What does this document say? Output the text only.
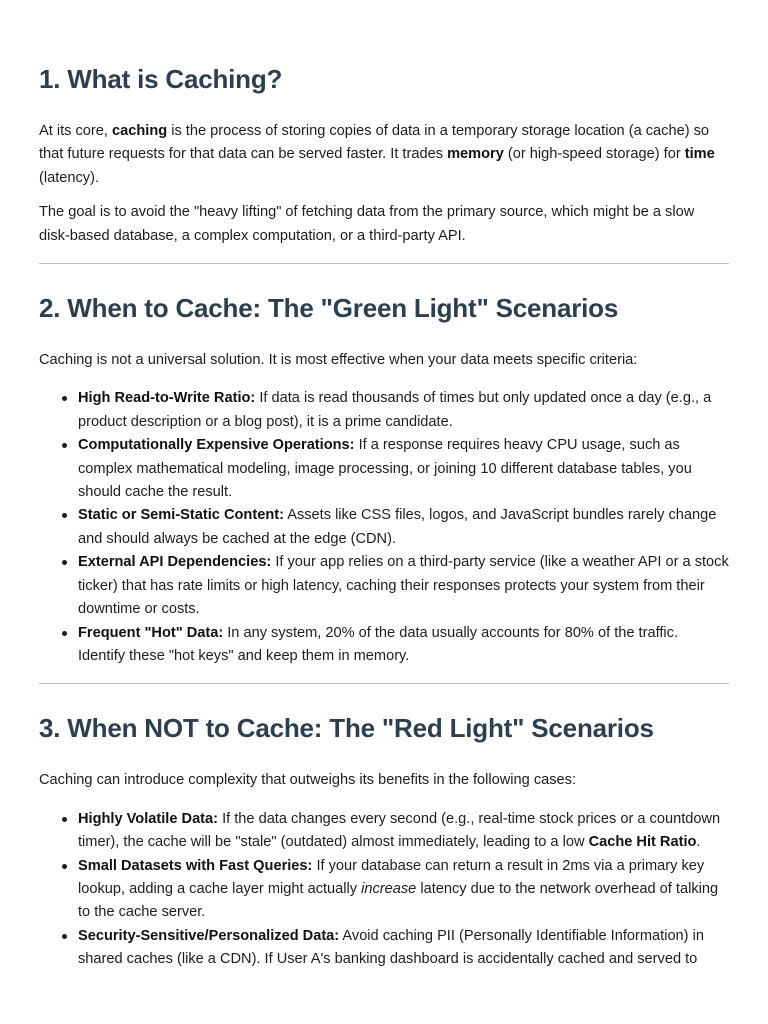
1. What is Caching?

At its core, caching is the process of storing copies of data in a temporary storage location (a cache) so that future requests for that data can be served faster. It trades memory (or high-speed storage) for time (latency).

The goal is to avoid the "heavy lifting" of fetching data from the primary source, which might be a slow disk-based database, a complex computation, or a third-party API.

2. When to Cache: The "Green Light" Scenarios

Caching is not a universal solution. It is most effective when your data meets specific criteria:

High Read-to-Write Ratio: If data is read thousands of times but only updated once a day (e.g., a product description or a blog post), it is a prime candidate.
Computationally Expensive Operations: If a response requires heavy CPU usage, such as complex mathematical modeling, image processing, or joining 10 different database tables, you should cache the result.
Static or Semi-Static Content: Assets like CSS files, logos, and JavaScript bundles rarely change and should always be cached at the edge (CDN).
External API Dependencies: If your app relies on a third-party service (like a weather API or a stock ticker) that has rate limits or high latency, caching their responses protects your system from their downtime or costs.
Frequent "Hot" Data: In any system, 20% of the data usually accounts for 80% of the traffic. Identify these "hot keys" and keep them in memory.
3. When NOT to Cache: The "Red Light" Scenarios

Caching can introduce complexity that outweighs its benefits in the following cases:

Highly Volatile Data: If the data changes every second (e.g., real-time stock prices or a countdown timer), the cache will be "stale" (outdated) almost immediately, leading to a low Cache Hit Ratio.
Small Datasets with Fast Queries: If your database can return a result in 2ms via a primary key lookup, adding a cache layer might actually increase latency due to the network overhead of talking to the cache server.
Security-Sensitive/Personalized Data: Avoid caching PII (Personally Identifiable Information) in shared caches (like a CDN). If User A's banking dashboard is accidentally cached and served to
